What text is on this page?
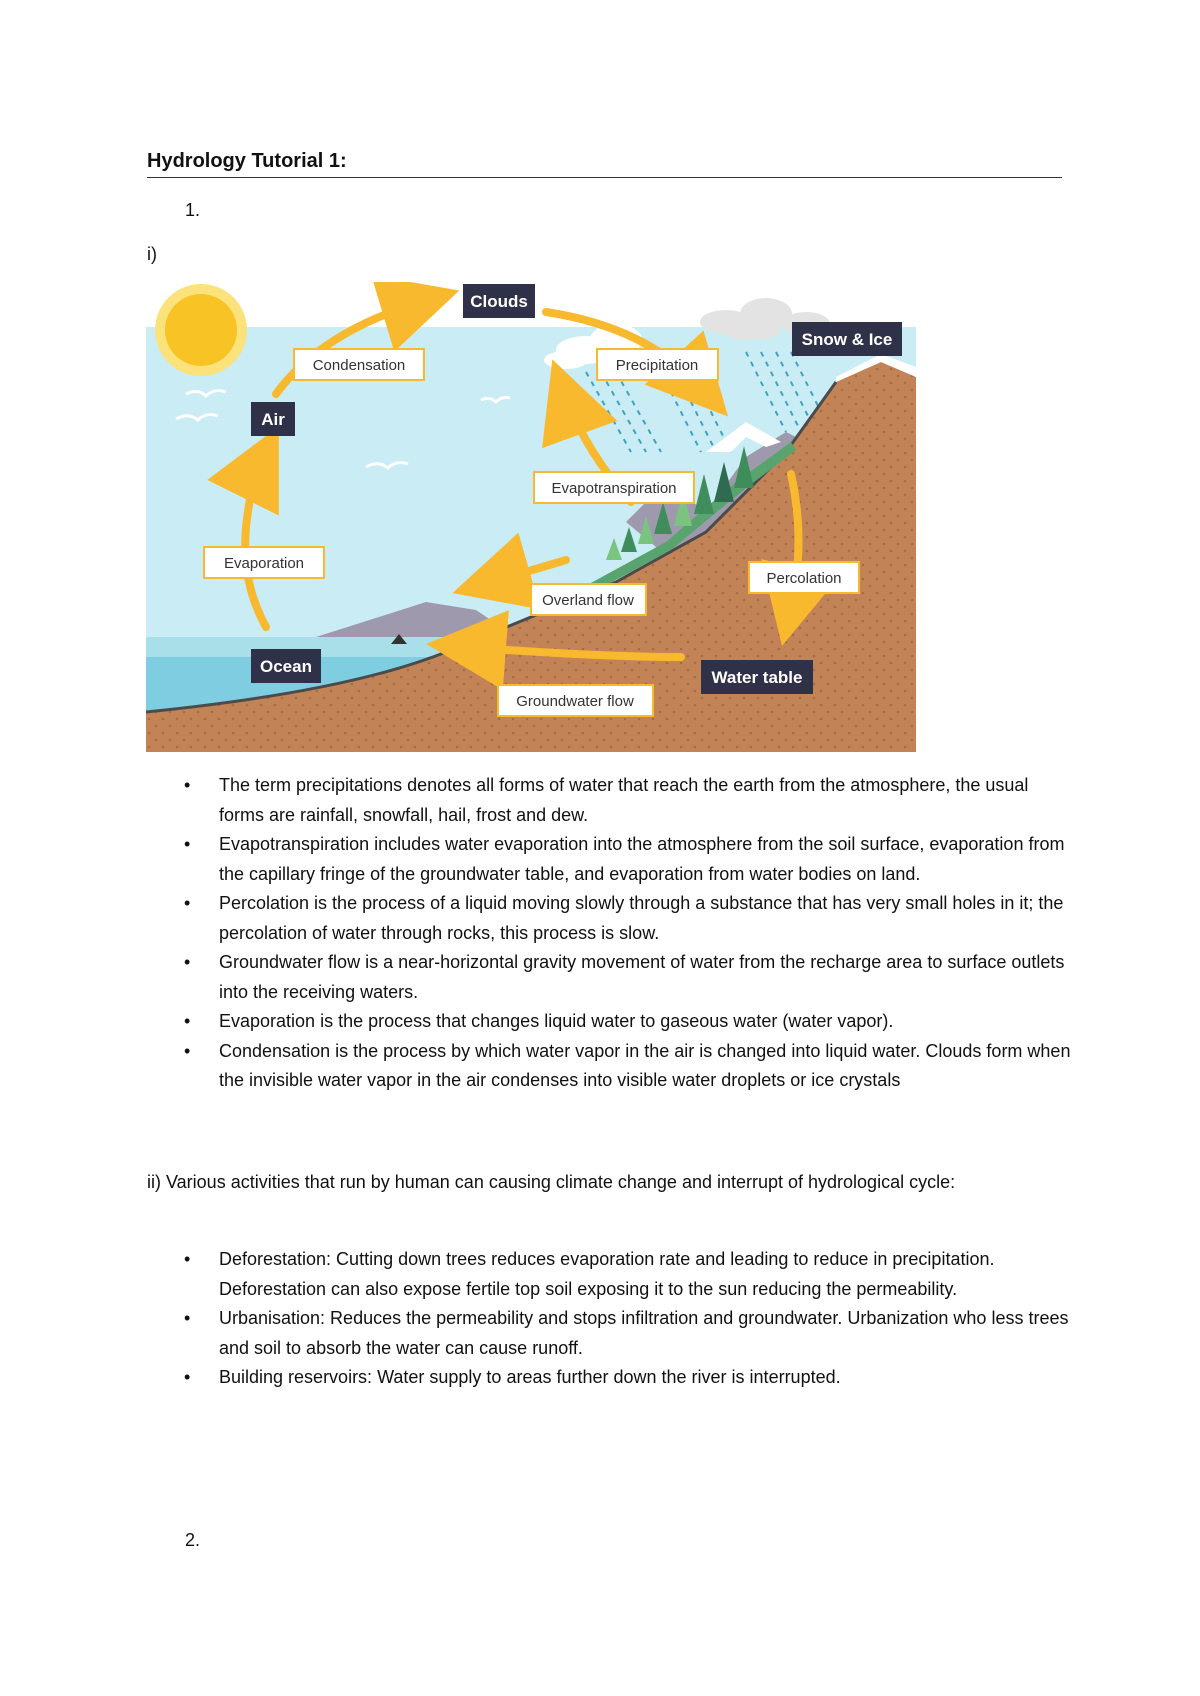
Hydrology Tutorial 1:
1.
i)
Clouds
Snow & Ice
Air
Ocean
Water table
Condensation	Precipitation
Evapotranspiration
Evaporation
Overland flow
Percolation
Groundwater flow
• The term precipitations denotes all forms of water that reach the earth from the atmosphere, the usual forms are rainfall, snowfall, hail, frost and dew.
• Evapotranspiration includes water evaporation into the atmosphere from the soil surface, evaporation from the capillary fringe of the groundwater table, and evaporation from water bodies on land.
• Percolation is the process of a liquid moving slowly through a substance that has very small holes in it; the percolation of water through rocks, this process is slow.
• Groundwater flow is a near-horizontal gravity movement of water from the recharge area to surface outlets into the receiving waters.
• Evaporation is the process that changes liquid water to gaseous water (water vapor).
• Condensation is the process by which water vapor in the air is changed into liquid water. Clouds form when the invisible water vapor in the air condenses into visible water droplets or ice crystals
ii) Various activities that run by human can causing climate change and interrupt of hydrological cycle:
• Deforestation: Cutting down trees reduces evaporation rate and leading to reduce in precipitation. Deforestation can also expose fertile top soil exposing it to the sun reducing the permeability.
• Urbanisation: Reduces the permeability and stops infiltration and groundwater. Urbanization who less trees and soil to absorb the water can cause runoff.
• Building reservoirs: Water supply to areas further down the river is interrupted.
2.
